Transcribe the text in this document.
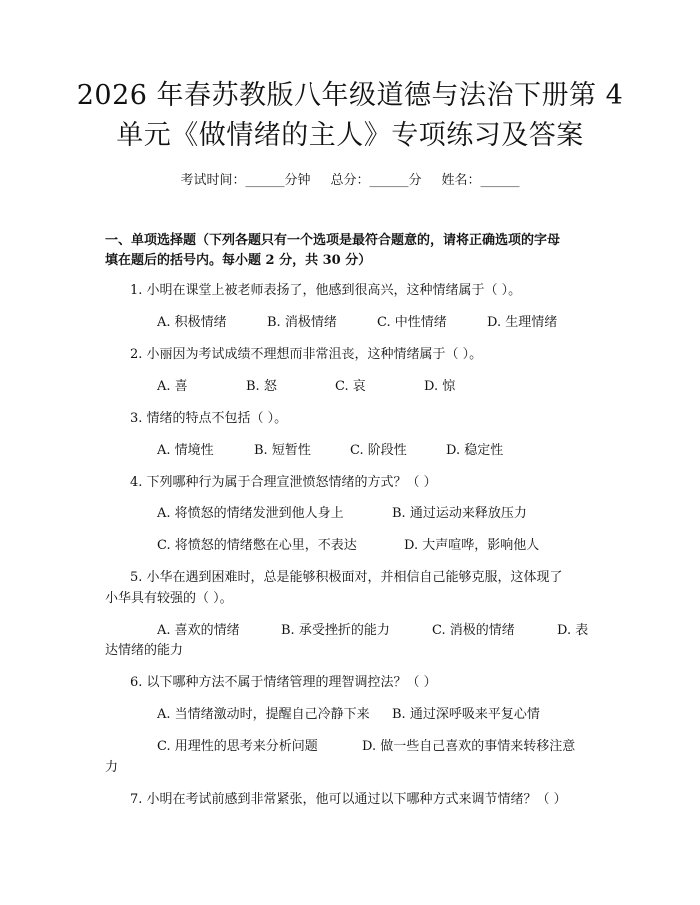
2026 年春苏教版八年级道德与法治下册第 4
单元《做情绪的主人》专项练习及答案
考试时间：______分钟 总分：______分 姓名：______
一、单项选择题（下列各题只有一个选项是最符合题意的，请将正确选项的字母
填在题后的括号内。每小题 2 分，共 30 分）
1. 小明在课堂上被老师表扬了，他感到很高兴，这种情绪属于（ ）。
A. 积极情绪	B. 消极情绪	C. 中性情绪	D. 生理情绪
2. 小丽因为考试成绩不理想而非常沮丧，这种情绪属于（ ）。
A. 喜	B. 怒	C. 哀	D. 惊
3. 情绪的特点不包括（ ）。
A. 情境性	B. 短暂性	C. 阶段性	D. 稳定性
4. 下列哪种行为属于合理宣泄愤怒情绪的方式？（ ）
A. 将愤怒的情绪发泄到他人身上	B. 通过运动来释放压力
C. 将愤怒的情绪憋在心里，不表达	D. 大声喧哗，影响他人
5. 小华在遇到困难时，总是能够积极面对，并相信自己能够克服，这体现了
小华具有较强的（ ）。
A. 喜欢的情绪	B. 承受挫折的能力	C. 消极的情绪	D. 表
达情绪的能力
6. 以下哪种方法不属于情绪管理的理智调控法？（ ）
A. 当情绪激动时，提醒自己冷静下来 B. 通过深呼吸来平复心情
C. 用理性的思考来分析问题	D. 做一些自己喜欢的事情来转移注意
力
7. 小明在考试前感到非常紧张，他可以通过以下哪种方式来调节情绪？（ ）
